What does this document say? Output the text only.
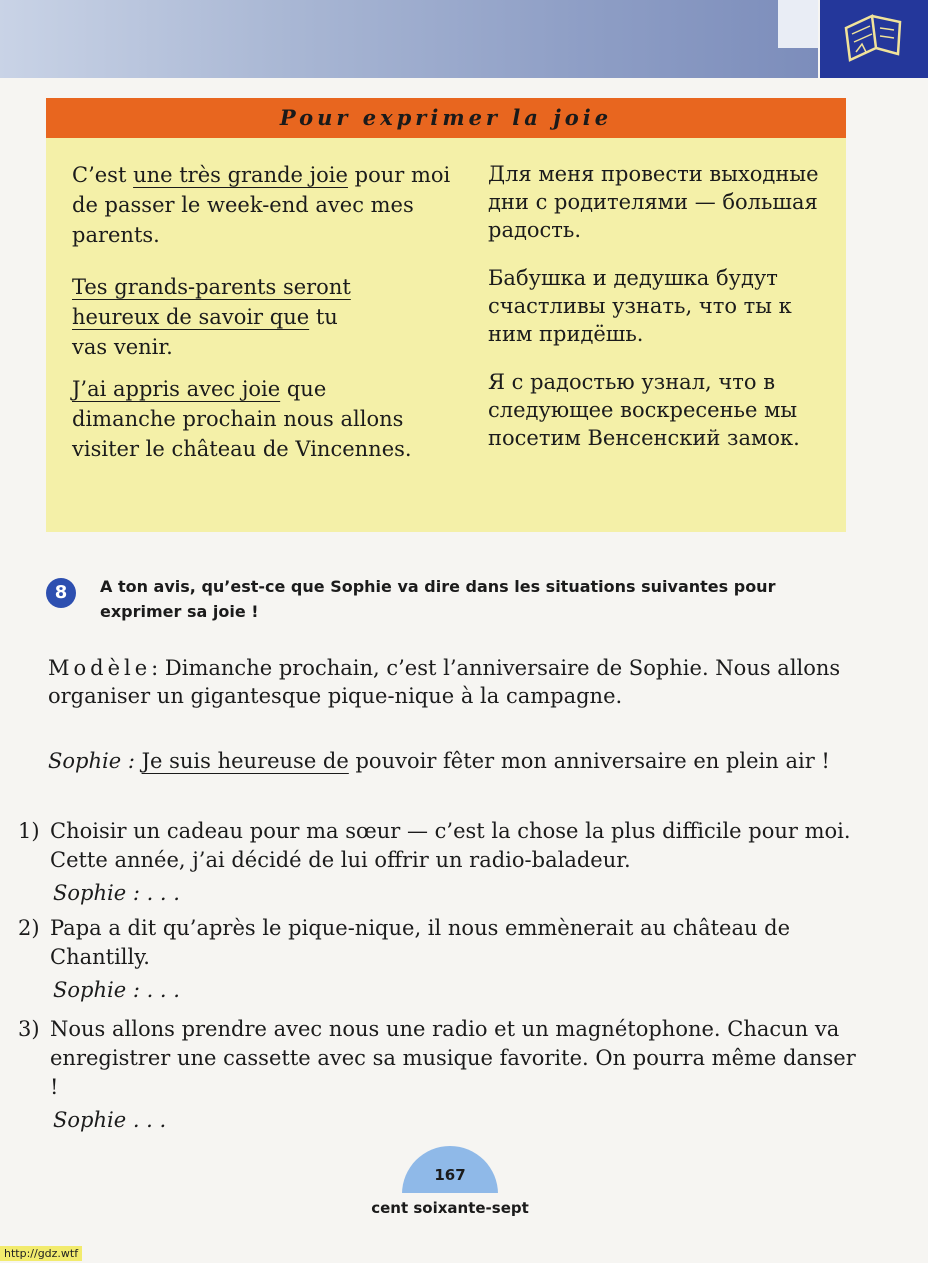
Pour exprimer la joie

C’est une très grande joie pour moi de passer le week-end avec mes parents.

Tes grands-parents seront
heureux de savoir que tu
vas venir.

J’ai appris avec joie que
dimanche prochain nous allons visiter le château de Vincennes.

Для меня провести выходные дни с родителями — большая радость.

Бабушка и дедушка будут счастливы узнать, что ты к ним придёшь.

Я с радостью узнал, что в следующее воскресенье мы посетим Венсенский замок.

8	A ton avis, qu’est-ce que Sophie va dire dans les situations suivantes pour exprimer sa joie !
Modèle: Dimanche prochain, c’est l’anniversaire de Sophie. Nous allons organiser un gigantesque pique-nique à la campagne.
Sophie : Je suis heureuse de pouvoir fêter mon anniversaire en plein air !
1) Choisir un cadeau pour ma sœur — c’est la chose la plus difficile pour moi. Cette année, j’ai décidé de lui offrir un radio-baladeur.
Sophie : . . .
2) Papa a dit qu’après le pique-nique, il nous emmènerait au château de Chantilly.
Sophie : . . .
3) Nous allons prendre avec nous une radio et un magnétophone. Chacun va enregistrer une cassette avec sa musique favorite. On pourra même danser !
Sophie . . .
167
cent soixante-sept
http://gdz.wtf
